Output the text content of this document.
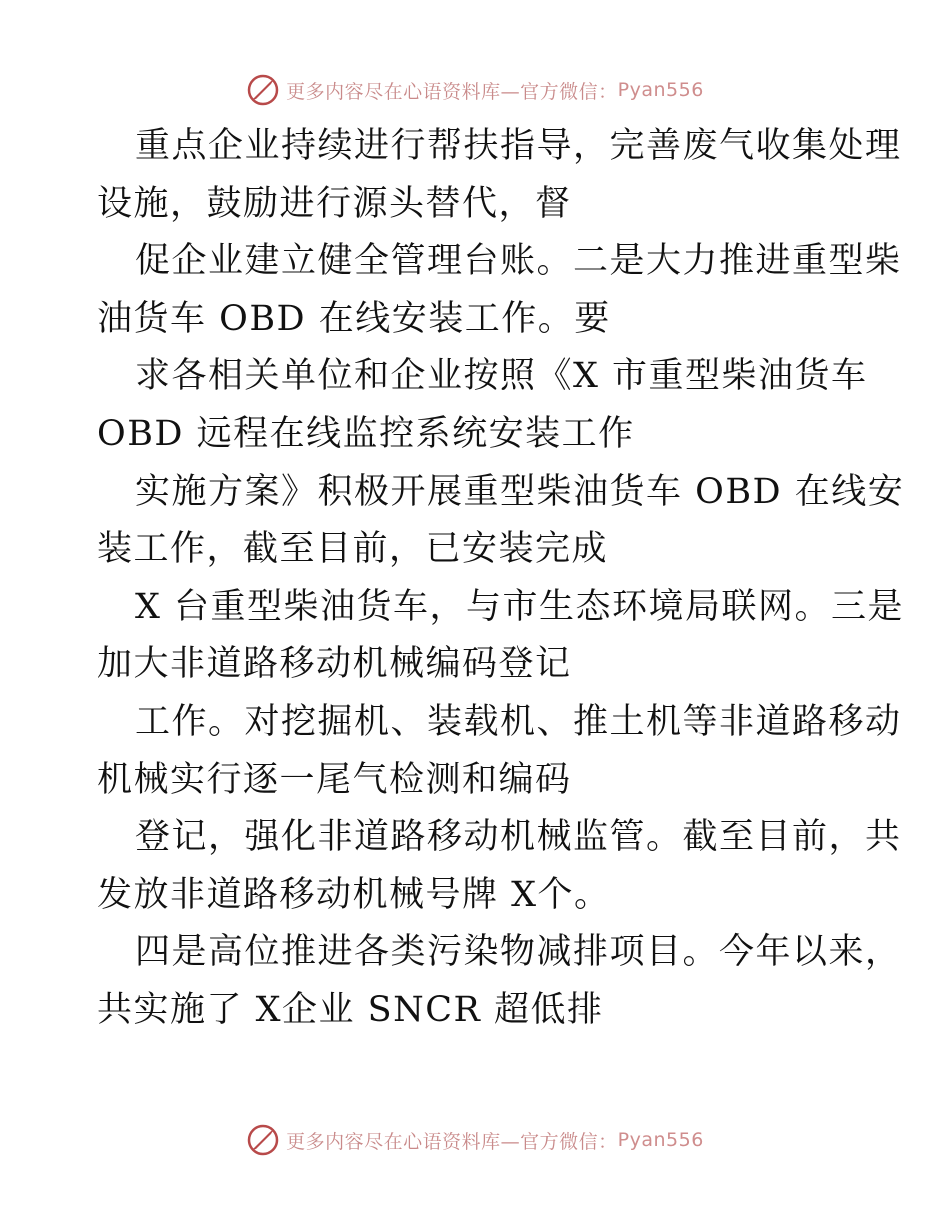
更多内容尽在心语资料库—官方微信： Pyan556
重点企业持续进行帮扶指导，完善废气收集处理
设施，鼓励进行源头替代，督
促企业建立健全管理台账。二是大力推进重型柴
油货车 OBD 在线安装工作。要
求各相关单位和企业按照《X 市重型柴油货车
OBD 远程在线监控系统安装工作
实施方案》积极开展重型柴油货车 OBD 在线安
装工作，截至目前，已安装完成
X 台重型柴油货车，与市生态环境局联网。三是
加大非道路移动机械编码登记
工作。对挖掘机、装载机、推土机等非道路移动
机械实行逐一尾气检测和编码
登记，强化非道路移动机械监管。截至目前，共
发放非道路移动机械号牌 X个。
四是高位推进各类污染物减排项目。今年以来，
共实施了 X企业 SNCR 超低排
更多内容尽在心语资料库—官方微信： Pyan556
